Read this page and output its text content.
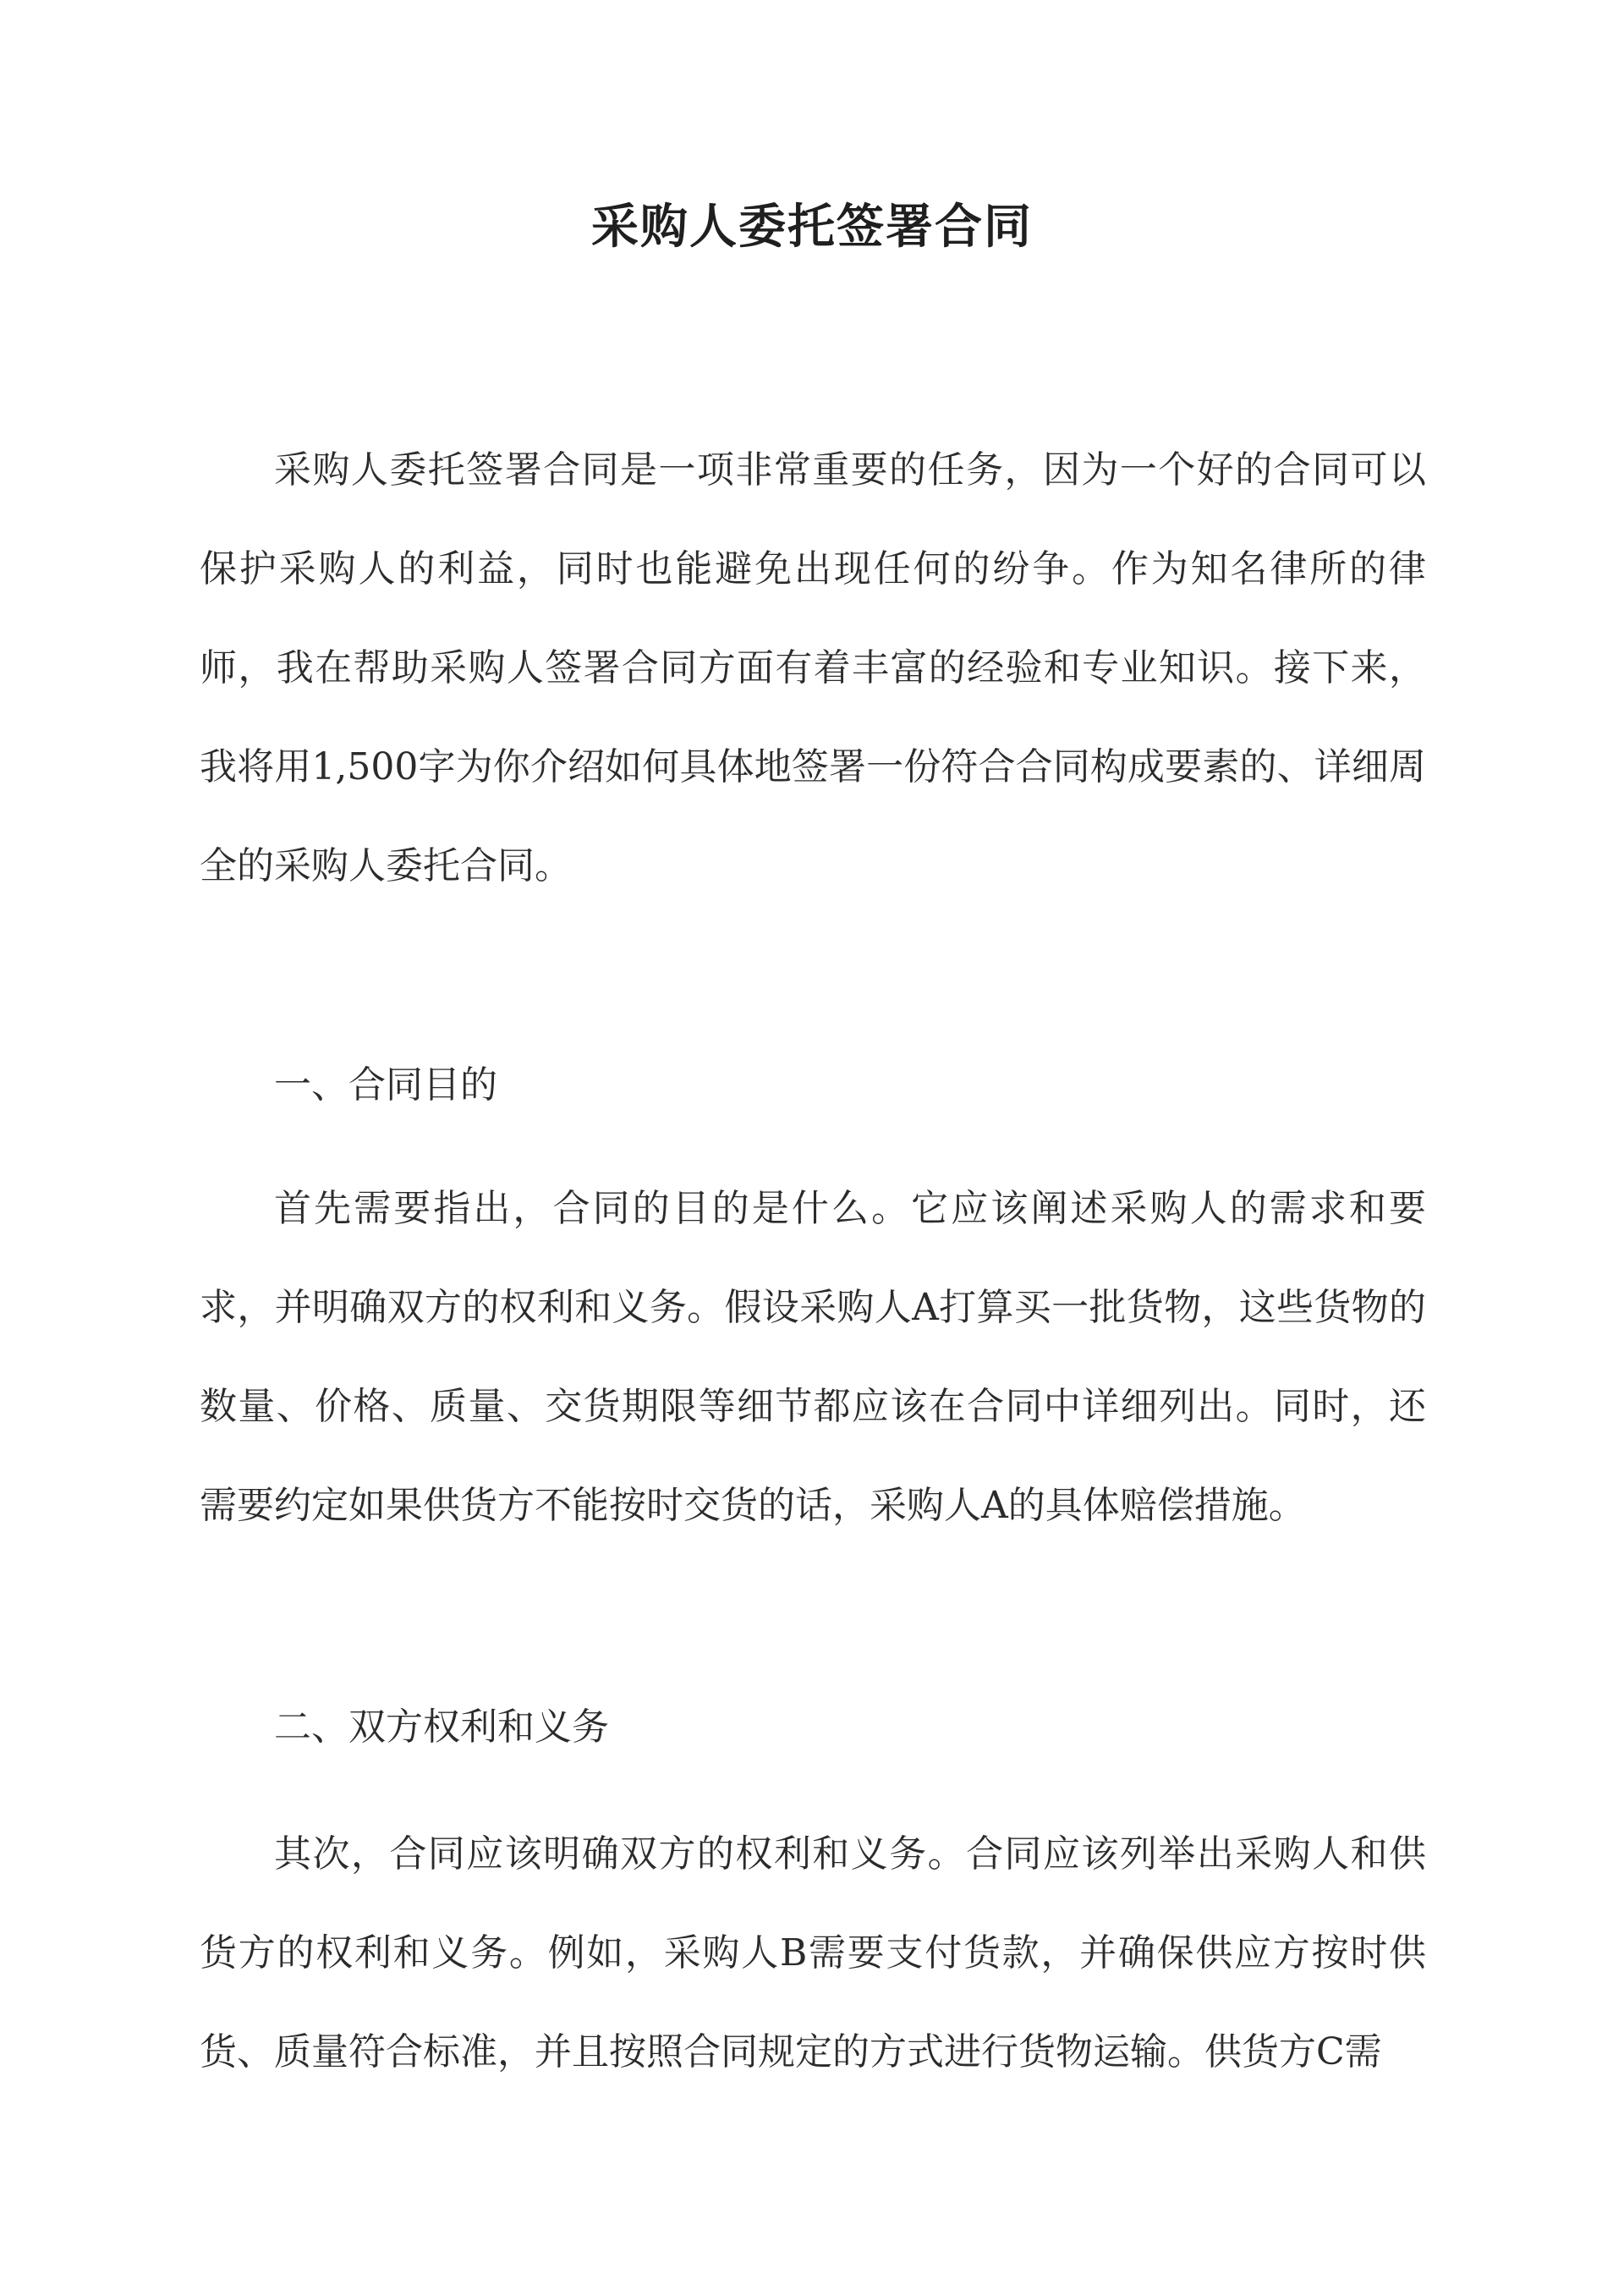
采购人委托签署合同

采购人委托签署合同是一项非常重要的任务，因为一个好的合同可以保护采购人的利益，同时也能避免出现任何的纷争。作为知名律所的律师，我在帮助采购人签署合同方面有着丰富的经验和专业知识。接下来，我将用1,500字为你介绍如何具体地签署一份符合合同构成要素的、详细周全的采购人委托合同。

一、合同目的

首先需要指出，合同的目的是什么。它应该阐述采购人的需求和要求，并明确双方的权利和义务。假设采购人A打算买一批货物，这些货物的数量、价格、质量、交货期限等细节都应该在合同中详细列出。同时，还需要约定如果供货方不能按时交货的话，采购人A的具体赔偿措施。

二、双方权利和义务

其次，合同应该明确双方的权利和义务。合同应该列举出采购人和供货方的权利和义务。例如，采购人B需要支付货款，并确保供应方按时供货、质量符合标准，并且按照合同规定的方式进行货物运输。供货方C需
